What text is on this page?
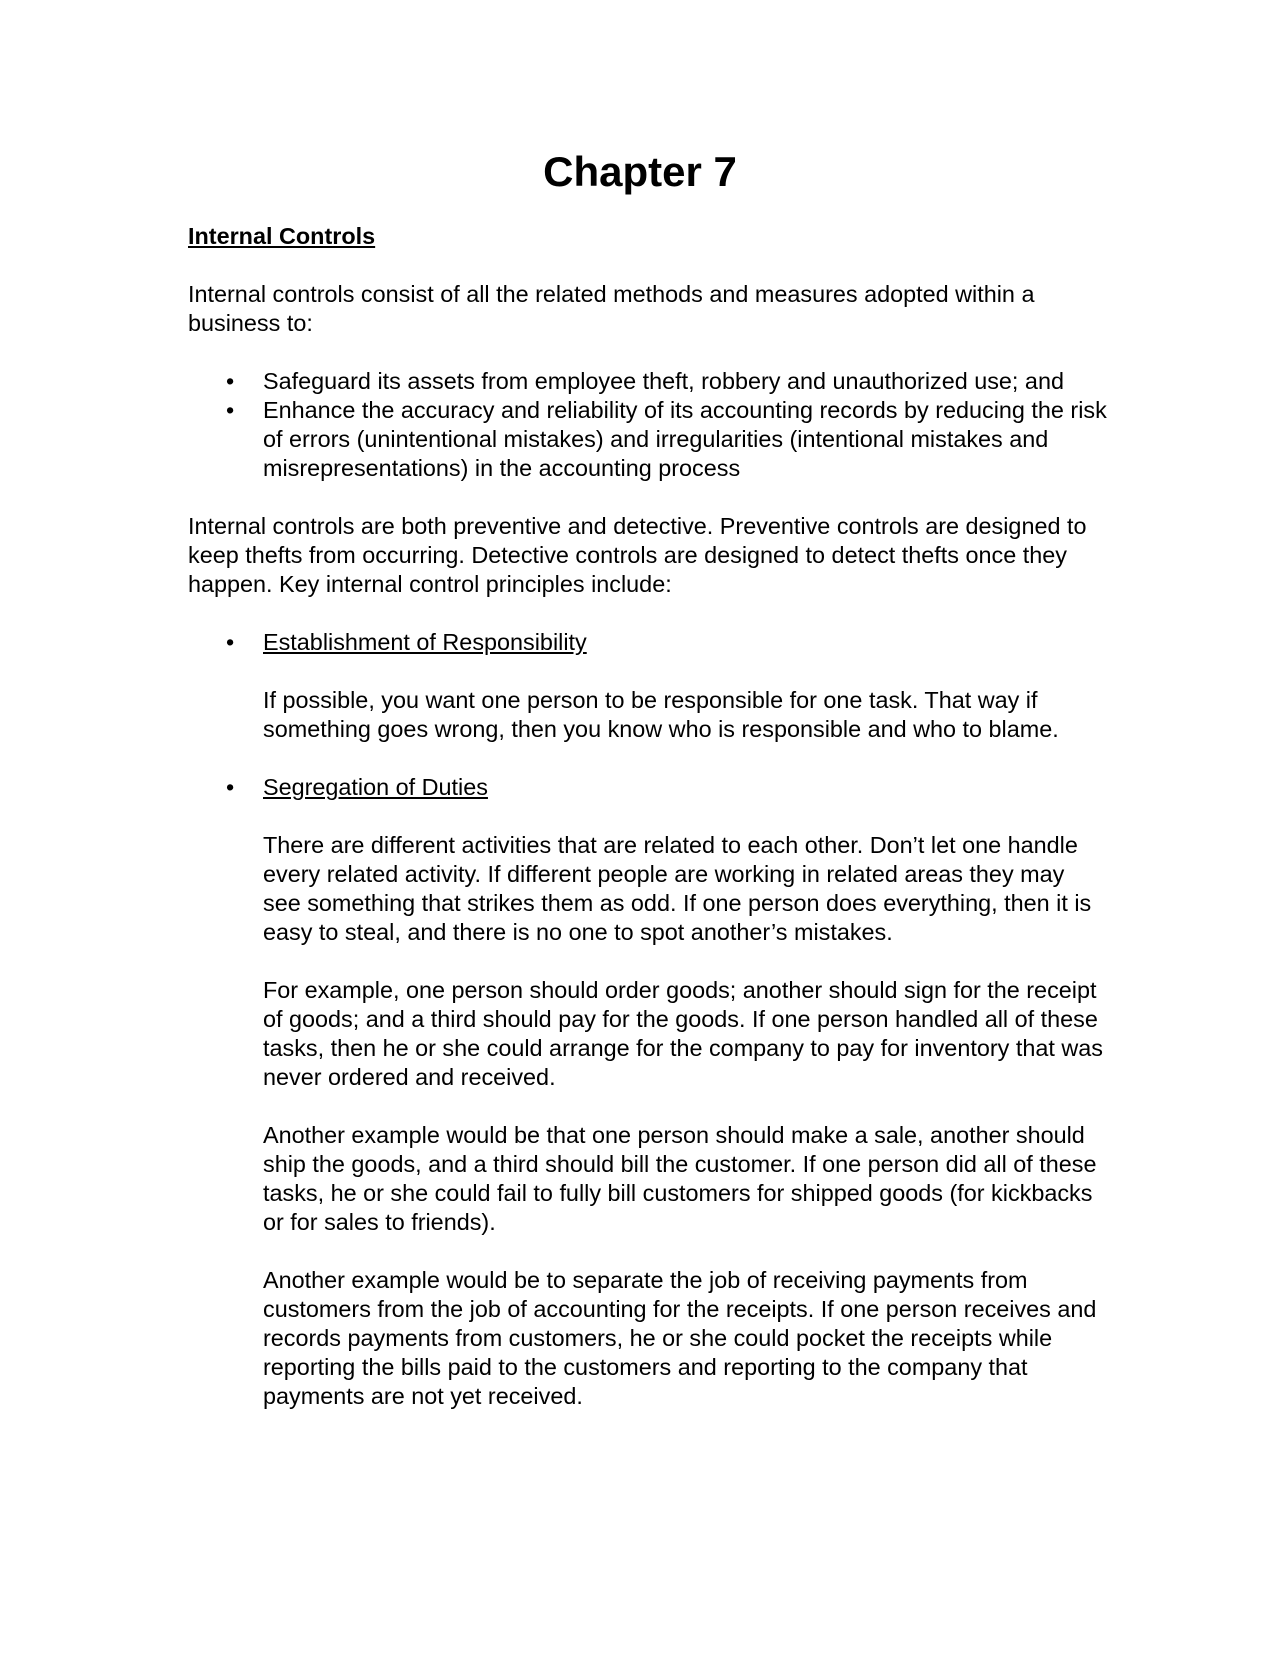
Chapter 7

Internal Controls

Internal controls consist of all the related methods and measures adopted within a business to:

• Safeguard its assets from employee theft, robbery and unauthorized use; and
• Enhance the accuracy and reliability of its accounting records by reducing the risk of errors (unintentional mistakes) and irregularities (intentional mistakes and misrepresentations) in the accounting process

Internal controls are both preventive and detective. Preventive controls are designed to keep thefts from occurring. Detective controls are designed to detect thefts once they happen. Key internal control principles include:

• Establishment of Responsibility

If possible, you want one person to be responsible for one task. That way if something goes wrong, then you know who is responsible and who to blame.

• Segregation of Duties

There are different activities that are related to each other. Don’t let one handle every related activity. If different people are working in related areas they may see something that strikes them as odd. If one person does everything, then it is easy to steal, and there is no one to spot another’s mistakes.

For example, one person should order goods; another should sign for the receipt of goods; and a third should pay for the goods. If one person handled all of these tasks, then he or she could arrange for the company to pay for inventory that was never ordered and received.

Another example would be that one person should make a sale, another should ship the goods, and a third should bill the customer. If one person did all of these tasks, he or she could fail to fully bill customers for shipped goods (for kickbacks or for sales to friends).

Another example would be to separate the job of receiving payments from customers from the job of accounting for the receipts. If one person receives and records payments from customers, he or she could pocket the receipts while reporting the bills paid to the customers and reporting to the company that payments are not yet received.
